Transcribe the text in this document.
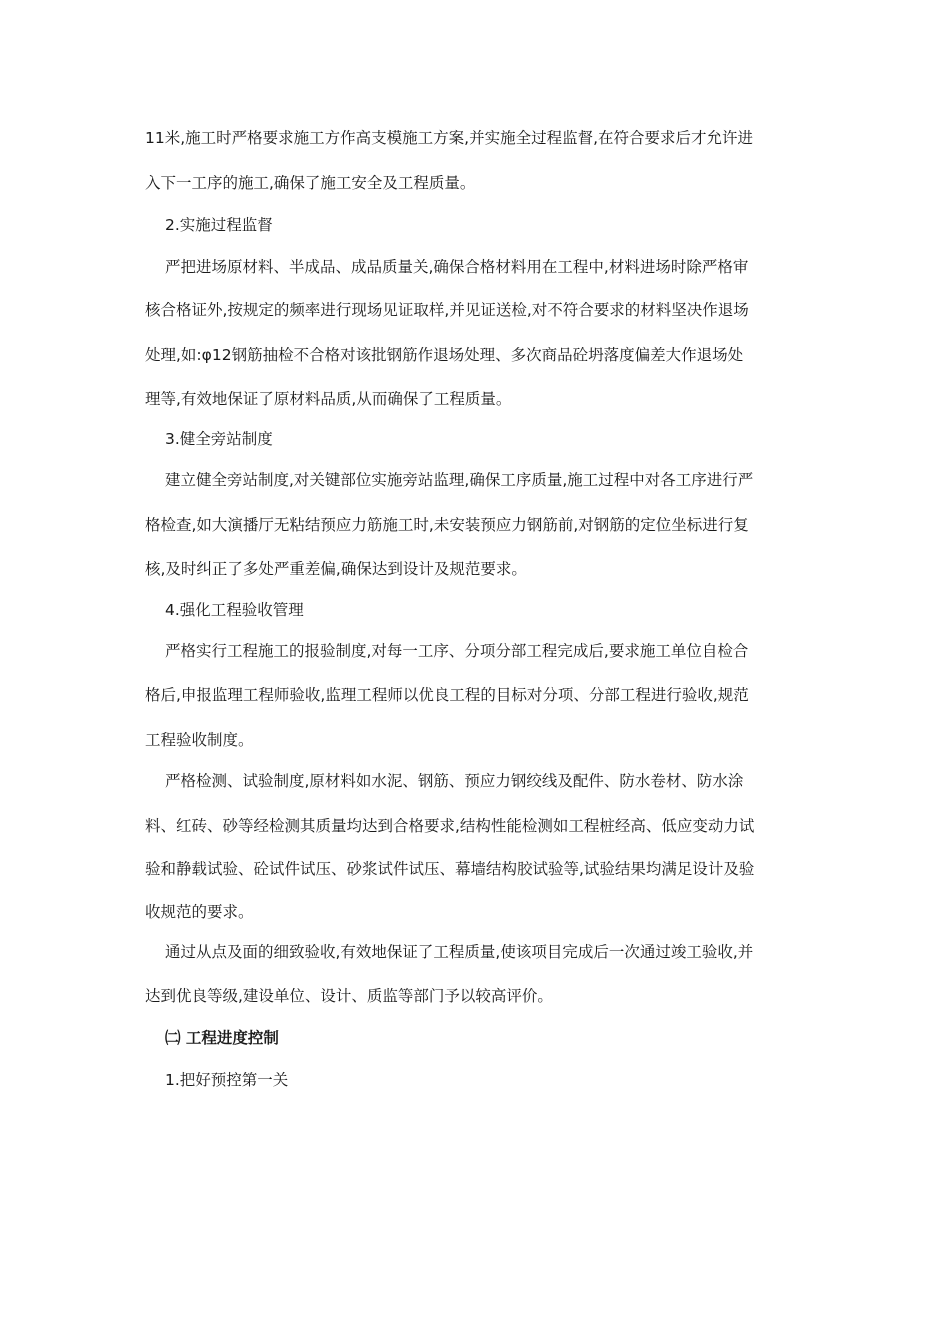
11米,施工时严格要求施工方作高支模施工方案,并实施全过程监督,在符合要求后才允许进
入下一工序的施工,确保了施工安全及工程质量。
2.实施过程监督
严把进场原材料、半成品、成品质量关,确保合格材料用在工程中,材料进场时除严格审
核合格证外,按规定的频率进行现场见证取样,并见证送检,对不符合要求的材料坚决作退场
处理,如:φ12钢筋抽检不合格对该批钢筋作退场处理、多次商品砼坍落度偏差大作退场处
理等,有效地保证了原材料品质,从而确保了工程质量。
3.健全旁站制度
建立健全旁站制度,对关键部位实施旁站监理,确保工序质量,施工过程中对各工序进行严
格检查,如大演播厅无粘结预应力筋施工时,未安装预应力钢筋前,对钢筋的定位坐标进行复
核,及时纠正了多处严重差偏,确保达到设计及规范要求。
4.强化工程验收管理
严格实行工程施工的报验制度,对每一工序、分项分部工程完成后,要求施工单位自检合
格后,申报监理工程师验收,监理工程师以优良工程的目标对分项、分部工程进行验收,规范
工程验收制度。
严格检测、试验制度,原材料如水泥、钢筋、预应力钢绞线及配件、防水卷材、防水涂
料、红砖、砂等经检测其质量均达到合格要求,结构性能检测如工程桩经高、低应变动力试
验和静载试验、砼试件试压、砂浆试件试压、幕墙结构胶试验等,试验结果均满足设计及验
收规范的要求。
通过从点及面的细致验收,有效地保证了工程质量,使该项目完成后一次通过竣工验收,并
达到优良等级,建设单位、设计、质监等部门予以较高评价。
㈡ 工程进度控制
1.把好预控第一关
